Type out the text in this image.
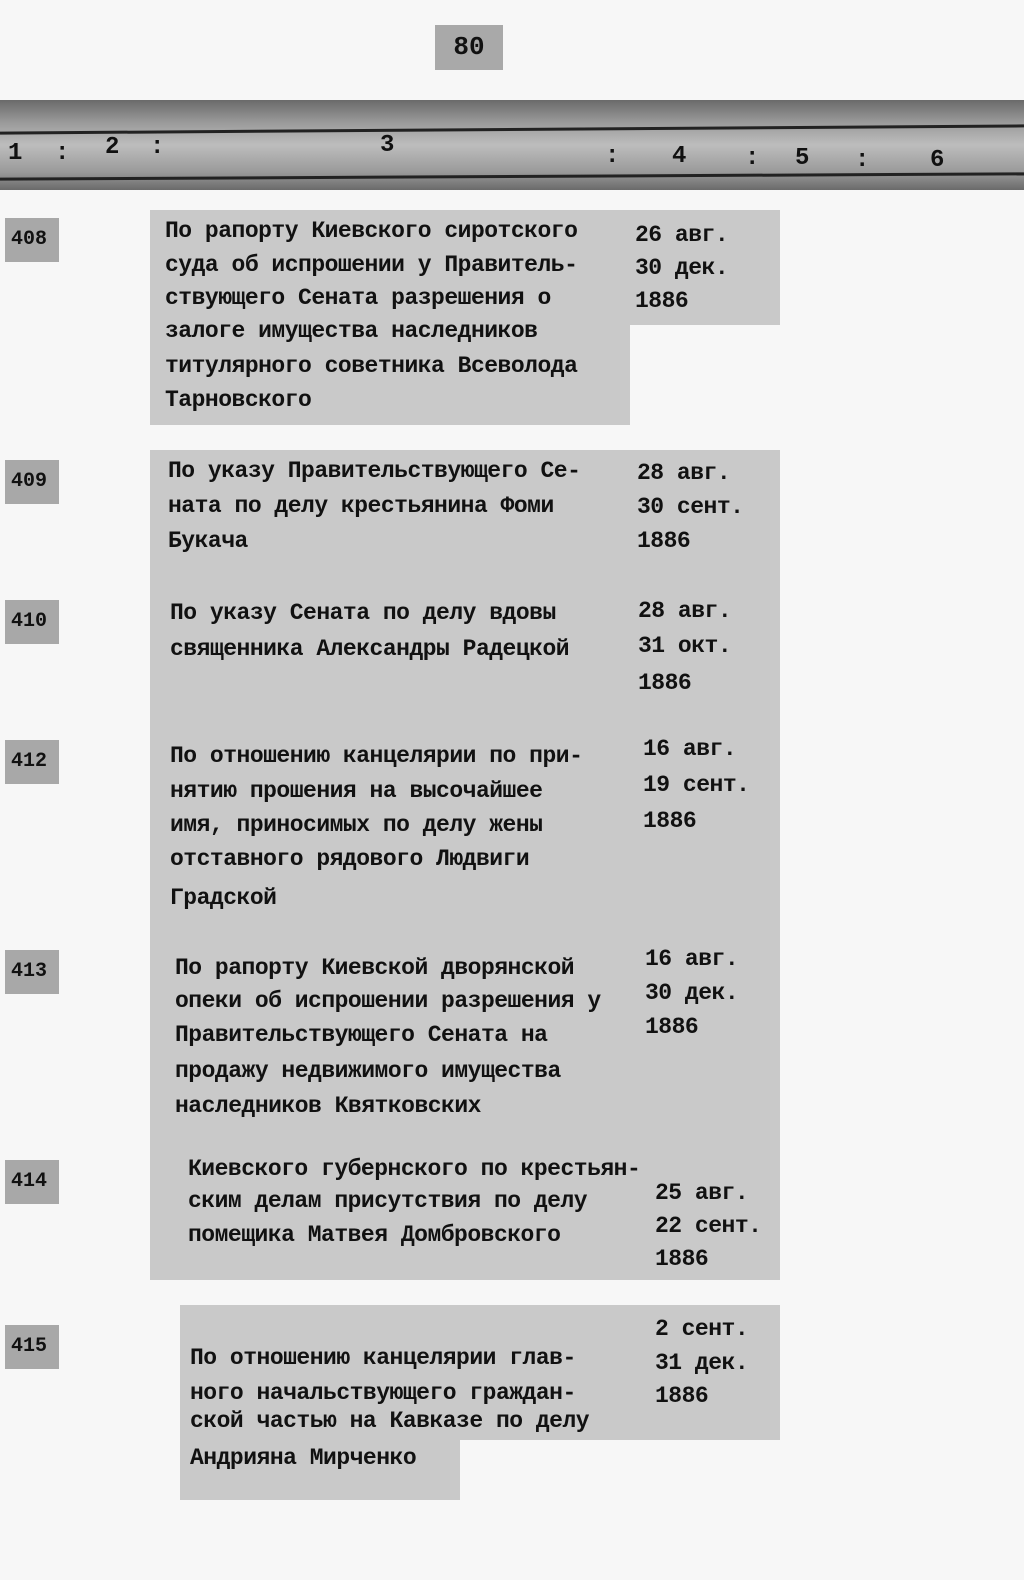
80
1 : 2 :	3	: 4 : 5 :	6
408	По рапорту Киевского сиротского
суда об испрошении у Правитель-
ствующего Сената разрешения о
залоге имущества наследников
титулярного советника Всеволода
Тарновского
26 авг.
30 дек.
1886
409	По указу Правительствующего Се-
ната по делу крестьянина Фоми
Букача
28 авг.
30 сент.
1886
410	По указу Сената по делу вдовы
священника Александры Радецкой
28 авг.
31 окт.
1886
412	По отношению канцелярии по при-
нятию прошения на высочайшее
имя, приносимых по делу жены
отставного рядового Людвиги
Градской
16 авг.
19 сент.
1886
413	По рапорту Киевской дворянской
опеки об испрошении разрешения у
Правительствующего Сената на
продажу недвижимого имущества
наследников Квятковских
16 авг.
30 дек.
1886
414	Киевского губернского по крестьян-
ским делам присутствия по делу
помещика Матвея Домбровского
25 авг.
22 сент.
1886
415	По отношению канцелярии глав-
ного начальствующего граждан-
ской частью на Кавказе по делу
Андрияна Мирченко
2 сент.
31 дек.
1886
